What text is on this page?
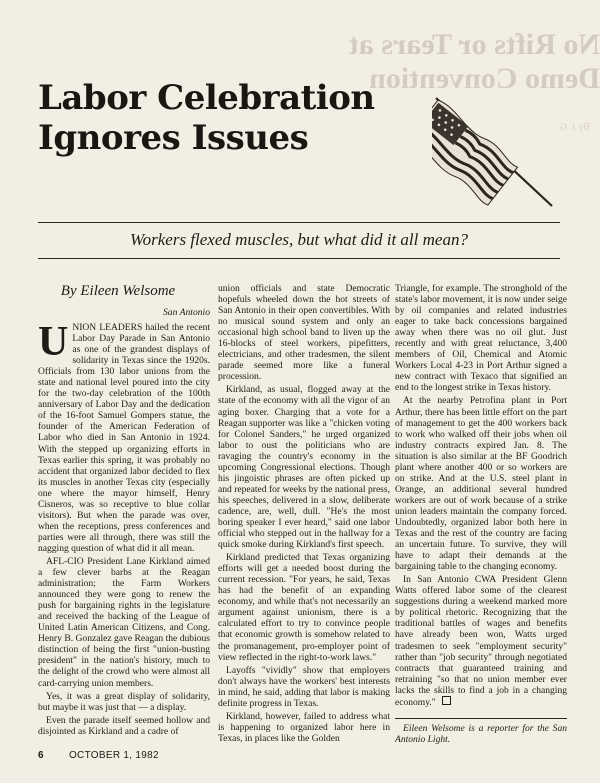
No Rifts or Tears at
Demo Convention
By J. G.
Labor Celebration
Ignores Issues
Workers flexed muscles, but what did it all mean?
By Eileen Welsome
San Antonio

UNION LEADERS hailed the recent Labor Day Parade in San Antonio as one of the grandest displays of solidarity in Texas since the 1920s. Officials from 130 labor unions from the state and national level poured into the city for the two-day celebration of the 100th anniversary of Labor Day and the dedication of the 16-foot Samuel Gompers statue, the founder of the American Federation of Labor who died in San Antonio in 1924. With the stepped up organizing efforts in Texas earlier this spring, it was probably no accident that organized labor decided to flex its muscles in another Texas city (especially one where the mayor himself, Henry Cisneros, was so receptive to blue collar visitors). But when the parade was over, when the receptions, press conferences and parties were all through, there was still the nagging question of what did it all mean.

AFL-CIO President Lane Kirkland aimed a few clever barbs at the Reagan administration; the Farm Workers announced they were gong to renew the push for bargaining rights in the legislature and received the backing of the League of United Latin American Citizens, and Cong. Henry B. Gonzalez gave Reagan the dubious distinction of being the first "union-busting president" in the nation's history, much to the delight of the crowd who were almost all card-carrying union members.

Yes, it was a great display of solidarity, but maybe it was just that — a display.

Even the parade itself seemed hollow and disjointed as Kirkland and a cadre of

union officials and state Democratic hopefuls wheeled down the hot streets of San Antonio in their open convertibles. With no musical sound system and only an occasional high school band to liven up the 16-blocks of steel workers, pipefitters, electricians, and other tradesmen, the silent parade seemed more like a funeral procession.

Kirkland, as usual, flogged away at the state of the economy with all the vigor of an aging boxer. Charging that a vote for a Reagan supporter was like a "chicken voting for Colonel Sanders," he urged organized labor to oust the politicians who are ravaging the country's economy in the upcoming Congressional elections. Though his jingoistic phrases are often picked up and repeated for weeks by the national press, his speeches, delivered in a slow, deliberate cadence, are, well, dull. "He's the most boring speaker I ever heard," said one labor official who stepped out in the hallway for a quick smoke during Kirkland's first speech.

Kirkland predicted that Texas organizing efforts will get a needed boost during the current recession. "For years, he said, Texas has had the benefit of an expanding economy, and while that's not necessarily an argument against unionism, there is a calculated effort to try to convince people that economic growth is somehow related to the promanagement, pro-employer point of view reflected in the right-to-work laws."

Layoffs "vividly" show that employers don't always have the workers' best interests in mind, he said, adding that labor is making definite progress in Texas.

Kirkland, however, failed to address what is happening to organized labor here in Texas, in places like the Golden

Triangle, for example. The stronghold of the state's labor movement, it is now under seige by oil companies and related industries eager to take back concessions bargained away when there was no oil glut. Just recently and with great reluctance, 3,400 members of Oil, Chemical and Atomic Workers Local 4-23 in Port Arthur signed a new contract with Texaco that signified an end to the longest strike in Texas history.

At the nearby Petrofina plant in Port Arthur, there has been little effort on the part of management to get the 400 workers back to work who walked off their jobs when oil industry contracts expired Jan. 8. The situation is also similar at the BF Goodrich plant where another 400 or so workers are on strike. And at the U.S. steel plant in Orange, an additional several hundred workers are out of work because of a strike union leaders maintain the company forced. Undoubtedly, organized labor both here in Texas and the rest of the country are facing an uncertain future. To survive, they will have to adapt their demands at the bargaining table to the changing economy.

In San Antonio CWA President Glenn Watts offered labor some of the clearest suggestions during a weekend marked more by political rhetoric. Recognizing that the traditional battles of wages and benefits have already been won, Watts urged tradesmen to seek "employment security" rather than "job security" through negotiated contracts that guaranteed training and retraining "so that no union member ever lacks the skills to find a job in a changing economy."

Eileen Welsome is a reporter for the San Antonio Light.

6	OCTOBER 1, 1982
